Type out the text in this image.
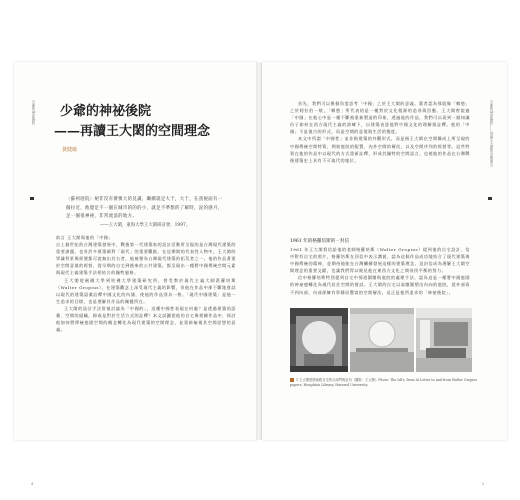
少爺的神祕後院 少爺的神祕後院
——再讀王大閎的空間理念
黃健敏
〈蘇州庭院〉絕非沒有審慎大的見識，繼續就足大于，大于，在剖視面有一個拉近，他覺足不一個在城市的的的小，就足不夢想的了解時，況的感月，足一個很神祕，非常流浪的地方。
——王大閎，東海大學王大閎研討會，1997。

前言 王大閎與他的「中國」

自上個世紀的台灣建築發展中，戰後第一代建築家的設計活動所呈現的是台灣現代建築的重要課題，也有許多建築師對「現代」的重要觀點，在這期間的代表性人物中，王大閎的學識背景與經歷都可說無出其右者，他被譽為台灣現代建築的拓荒者之一。他的作品著重於空間意境的經營，從早期的自宅到後來的公共建築，都呈現出一種將中國傳統空間元素與現代主義建築手法相結合的獨特風格。

王大閎從劍橋大學到哈佛大學建築研究所，曾受教於現代主義大師葛羅培斯（Walter Gropius），在建築觀念上深受現代主義的影響，但他在作品中卻不斷地嘗試以現代的建築語彙詮釋中國文化的內涵，使他的作品別具一格。「現代中國建築」是他一生追求的目標，也是理解其作品的關鍵所在。

王大閎的設計手法常被討論為「中國的」，這種中國性表現在何處？是透過建築的語彙、空間的組織，抑或是對於生活方式的詮釋？本文試圖從他的自宅與相關作品中，探討他如何將傳統庭園空間的概念轉化為現代建築的空間理念，並重新檢視其空間思想的意義。

4
少爺的神祕後院——再讀王大閎的空間理念

首先，我們可以換個角度思考「中國」之於王大閎的意義。董者認為那就像「鄉愁」之於阿拉伯一般，「鄉愁」所代表的是一種對於文化根源的追尋與回應。王大閎曾說過「中國」在他心中是一種不斷被重新塑造的印象，透過他的作品，我們可以看到一個知識份子如何在西方現代主義的訓練下，以建築表達他對中國文化的理解與詮釋。他的「中國」不是復古的形式，而是空間的意境與生活的態度。

本文中所謂「中國性」並非指建築的外觀形式，而是指王大閎在空間構成上所呈現的中國傳統空間特質，例如庭院的配置、內外空間的層次、以及空間序列的經營等。這些特質在他的作品中以現代的方式重新詮釋，形成其獨特的空間語言，也使他的作品在台灣戰後建築史上具有不可取代的地位。

1961 年的格羅培斯的一封信

1961 年王大閎寫信給他的老師格羅培斯（Walter Gropius）提到他的自宅設計，信中附有自宅的照片，格羅培斯在回信中表示讚賞，認為這個作品成功地結合了現代建築與中國傳統的精神，並期待他能在台灣繼續發展這樣的建築理念。這封信成為理解王大閎空間理念的重要文獻，也讓我們得以窺見他在東西方文化之間尋找平衡的努力。

信中格羅培斯特別提到自宅中那道圍牆與庭院的處理手法，認為這是一種將中國庭園的神祕感轉化為現代居住空間的嘗試。王大閎的自宅以高牆圍塑出內向的庭院，從外部看不到內部，內部卻擁有寧靜而豐富的空間層次，這正是他所追求的「神祕後院」。

1 王大閎建國南路自宅的月洞門與室內（攝影：王大閎）Photo: The Idl's, from Al Letter to and from Walter Gropius papers, Houghton Library, Harvard University.
5
